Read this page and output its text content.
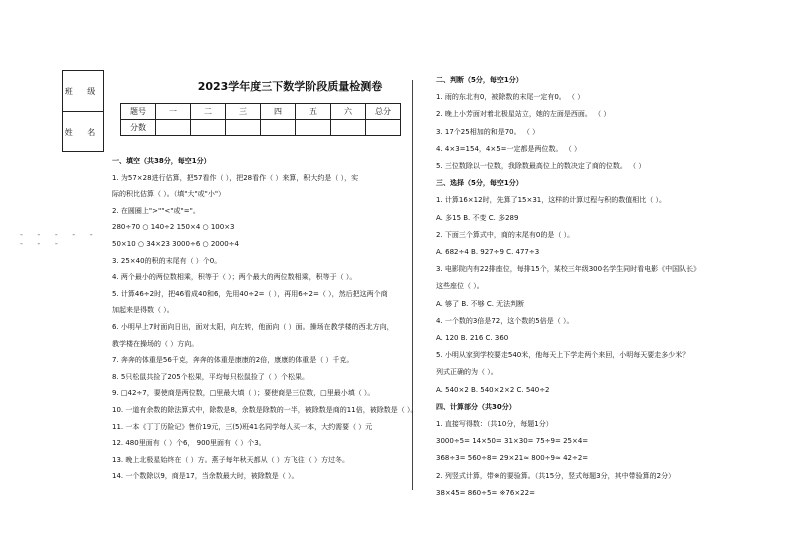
班 级
姓 名
- - - - - - - -
2023学年度三下数学阶段质量检测卷
题号	一	二	三	四	五	六	总分
分数							
一、填空（共38分，每空1分）
1. 为57×28进行估算，把57看作（ ），把28看作（ ）来算，积大约是（ ），实
际的积比估算（ ）。（填"大"或"小"）
2. 在圆圈上">""<"或"="。
280÷70 ○ 140÷2 150×4 ○ 100×3
50×10 ○ 34×23 3000÷6 ○ 2000÷4
3. 25×40的积的末尾有（ ）个0。
4. 两个最小的两位数相乘，积等于（ ）；两个最大的两位数相乘，积等于（ ）。
5. 计算46÷2时，把46看成40和6，先用40÷2=（ ），再用6÷2=（ ），然后把这两个商
加起来是得数（ ）。
6. 小明早上7时面向日出，面对太阳，向左转，他面向（ ）面。操场在教学楼的西北方向，
教学楼在操场的（ ）方向。
7. 奔奔的体重是56千克，奔奔的体重是康康的2倍，康康的体重是（ ）千克。
8. 5只松鼠共捡了205个松果，平均每只松鼠捡了（ ）个松果。
9. □42÷7，要使商是两位数，□里最大填（ ）；要使商是三位数，□里最小填（ ）。
10. 一道有余数的除法算式中，除数是8，余数是除数的一半，被除数是商的11倍，被除数是（ ）。
11. 一本《丁丁历险记》售价19元，三(5)班41名同学每人买一本，大约需要（ ）元
12. 480里面有（ ）个6， 900里面有（ ）个3。
13. 晚上北极星始终在（ ）方。燕子每年秋天都从（ ）方飞往（ ）方过冬。
14. 一个数除以9，商是17，当余数最大时，被除数是（ ）。
二、判断（5分，每空1分）
1. 雨的东北有0，被除数的末尾一定有0。 （ ）
2. 晚上小芳面对着北极星站立，她的左面是西面。 （ ）
3. 17个25相加的和是70。 （ ）
4. 4×3=154，4×5=一定都是两位数。 （ ）
5. 三位数除以一位数，我除数最高位上的数决定了商的位数。 （ ）
三、选择（5分，每空1分）
1. 计算16×12时，先算了15×31，这样的计算过程与积的数值相比（ ）。
A. 多15 B. 不变 C. 多289
2. 下面三个算式中，商的末尾有0的是（ ）。
A. 682÷4 B. 927÷9 C. 477÷3
3. 电影院内有22排座位，每排15个，某校三年级300名学生同时看电影《中国队长》
这些座位（ ）。
A. 够了 B. 不够 C. 无法判断
4. 一个数的3倍是72，这个数的5倍是（ ）。
A. 120 B. 216 C. 360
5. 小明从家到学校要走540米，他每天上下学走两个来回，小明每天要走多少米？
列式正确的为（ ）。
A. 540×2 B. 540×2×2 C. 540÷2
四、计算部分（共30分）
1. 直接写得数：（共10分，每题1分）
3000÷5= 14×50= 31×30= 75÷9= 25×4=
368÷3= 560÷8= 29×21≈ 800÷9≈ 42÷2=
2. 列竖式计算，带※的要验算。（共15分，竖式每题3分，其中带验算的2分）
38×45= 860÷5= ※76×22=
